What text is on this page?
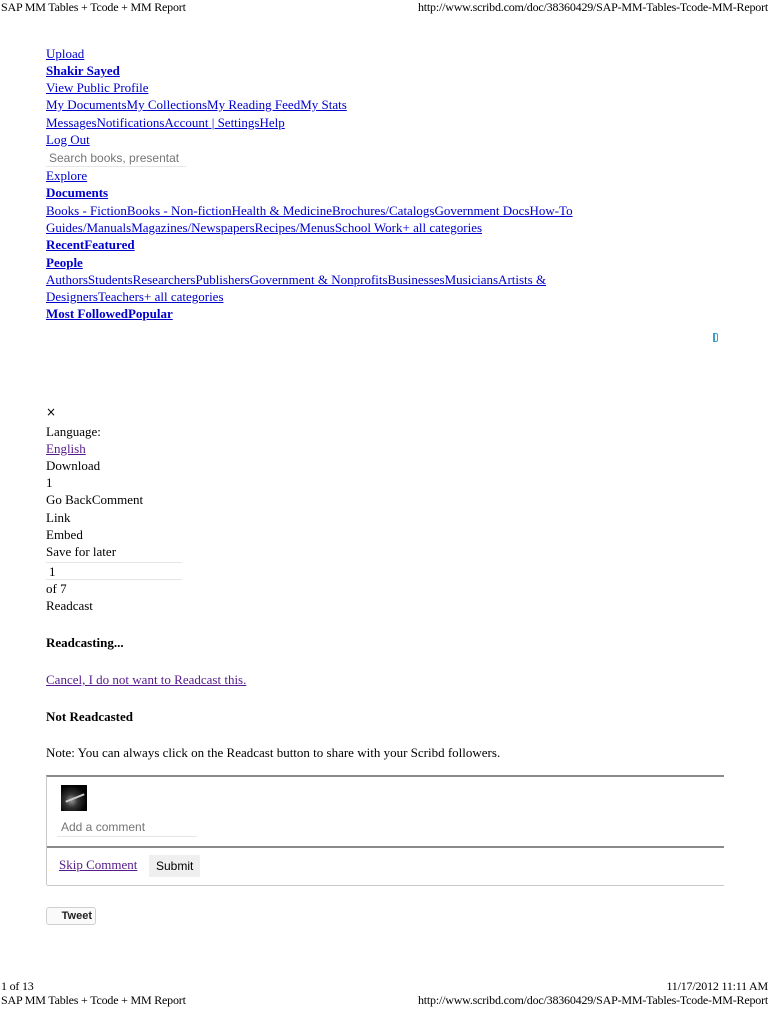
SAP MM Tables + Tcode + MM Report	http://www.scribd.com/doc/38360429/SAP-MM-Tables-Tcode-MM-Report
Upload
Shakir Sayed
View Public Profile
My DocumentsMy CollectionsMy Reading FeedMy Stats
MessagesNotificationsAccount | SettingsHelp
Log Out
Search books, presentat
Explore
Documents
Books - FictionBooks - Non-fictionHealth & MedicineBrochures/CatalogsGovernment DocsHow-To
Guides/ManualsMagazines/NewspapersRecipes/MenusSchool Work+ all categories
RecentFeatured
People
AuthorsStudentsResearchersPublishersGovernment & NonprofitsBusinessesMusiciansArtists &
DesignersTeachers+ all categories
Most FollowedPopular
×
Language:
English
Download
1
Go BackComment
Link
Embed
Save for later
1
of 7
Readcast
Readcasting...
Cancel, I do not want to Readcast this.
Not Readcasted
Note: You can always click on the Readcast button to share with your Scribd followers.
Add a comment
Skip Comment	Submit
Tweet
1 of 13	11/17/2012 11:11 AM
SAP MM Tables + Tcode + MM Report	http://www.scribd.com/doc/38360429/SAP-MM-Tables-Tcode-MM-Report
